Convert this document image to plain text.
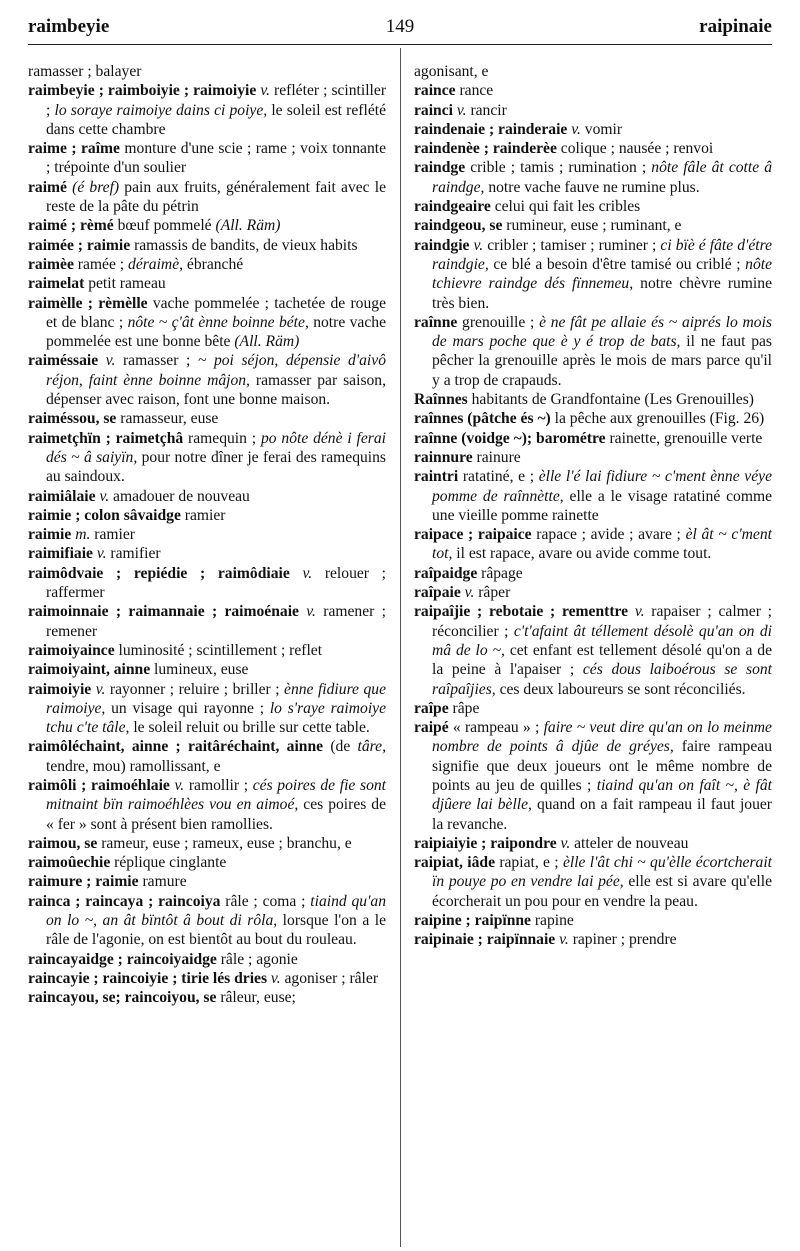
raimbeyie	149	raipinaie

ramasser ; balayer

raimbeyie ; raimboiyie ; raimoiyie v. refléter ; scintiller ; lo soraye raimoiye dains ci poiye, le soleil est reflété dans cette chambre

raime ; raîme monture d'une scie ; rame ; voix tonnante ; trépointe d'un soulier

raimé (é bref) pain aux fruits, généralement fait avec le reste de la pâte du pétrin

raimé ; rèmé bœuf pommelé (All. Räm)

raimée ; raimie ramassis de bandits, de vieux habits

raimèe ramée ; déraimè, ébranché

raimelat petit rameau

raimèlle ; rèmèlle vache pommelée ; tachetée de rouge et de blanc ; nôte ~ ç'ât ènne boinne béte, notre vache pommelée est une bonne bête (All. Räm)

raiméssaie v. ramasser ; ~ poi séjon, dépensie d'aivô réjon, faint ènne boinne mâjon, ramasser par saison, dépenser avec raison, font une bonne maison.

raiméssou, se ramasseur, euse

raimetçhïn ; raimetçhâ ramequin ; po nôte dénè i ferai dés ~ â saiyïn, pour notre dîner je ferai des ramequins au saindoux.

raimiâlaie v. amadouer de nouveau

raimie ; colon sâvaidge ramier

raimie m. ramier

raimifiaie v. ramifier

raimôdvaie ; repiédie ; raimôdiaie v. relouer ; raffermer

raimoinnaie ; raimannaie ; raimoénaie v. ramener ; remener

raimoiyaince luminosité ; scintillement ; reflet

raimoiyaint, ainne lumineux, euse

raimoiyie v. rayonner ; reluire ; briller ; ènne fidiure que raimoiye, un visage qui rayonne ; lo s'raye raimoiye tchu c'te tâle, le soleil reluit ou brille sur cette table.

raimôléchaint, ainne ; raitâréchaint, ainne (de târe, tendre, mou) ramollissant, e

raimôli ; raimoéhlaie v. ramollir ; cés poires de fie sont mitnaint bïn raimoéhlèes vou en aimoé, ces poires de « fer » sont à présent bien ramollies.

raimou, se rameur, euse ; rameux, euse ; branchu, e

raimoûechie réplique cinglante

raimure ; raimie ramure

rainca ; raincaya ; raincoiya râle ; coma ; tiaind qu'an on lo ~, an ât bïntôt â bout di rôla, lorsque l'on a le râle de l'agonie, on est bientôt au bout du rouleau.

raincayaidge ; raincoiyaidge râle ; agonie

raincayie ; raincoiyie ; tirie lés dries v. agoniser ; râler

raincayou, se; raincoiyou, se râleur, euse;

agonisant, e

raince rance

rainci v. rancir

raindenaie ; rainderaie v. vomir

raindenèe ; rainderèe colique ; nausée ; renvoi

raindge crible ; tamis ; rumination ; nôte fâle ât cotte â raindge, notre vache fauve ne rumine plus.

raindgeaire celui qui fait les cribles

raindgeou, se rumineur, euse ; ruminant, e

raindgie v. cribler ; tamiser ; ruminer ; ci bïè é fâte d'étre raindgie, ce blé a besoin d'être tamisé ou criblé ; nôte tchievre raindge dés fïnnemeu, notre chèvre rumine très bien.

raînne grenouille ; è ne fât pe allaie és ~ aiprés lo mois de mars poche que è y é trop de bats, il ne faut pas pêcher la grenouille après le mois de mars parce qu'il y a trop de crapauds.

Raînnes habitants de Grandfontaine (Les Grenouilles)

raînnes (pâtche és ~) la pêche aux grenouilles (Fig. 26)

raînne (voidge ~); barométre rainette, grenouille verte

rainnure rainure

raintri ratatiné, e ; èlle l'é lai fidiure ~ c'ment ènne véye pomme de raînnètte, elle a le visage ratatiné comme une vieille pomme rainette

raipace ; raipaice rapace ; avide ; avare ; èl ât ~ c'ment tot, il est rapace, avare ou avide comme tout.

raîpaidge râpage

raîpaie v. râper

raipaîjie ; rebotaie ; rementtre v. rapaiser ; calmer ; réconcilier ; c't'afaint ât téllement désolè qu'an on di mâ de lo ~, cet enfant est tellement désolé qu'on a de la peine à l'apaiser ; cés dous laiboérous se sont raîpaîjies, ces deux laboureurs se sont réconciliés.

raîpe râpe

raipé « rampeau » ; faire ~ veut dire qu'an on lo meinme nombre de points â djûe de gréyes, faire rampeau signifie que deux joueurs ont le même nombre de points au jeu de quilles ; tiaind qu'an on faît ~, è fât djûere lai bèlle, quand on a fait rampeau il faut jouer la revanche.

raipiaiyie ; raipondre v. atteler de nouveau

raipiat, iâde rapiat, e ; èlle l'ât chi ~ qu'èlle écortcherait ïn pouye po en vendre lai pée, elle est si avare qu'elle écorcherait un pou pour en vendre la peau.

raipine ; raipïnne rapine

raipinaie ; raipïnnaie v. rapiner ; prendre
